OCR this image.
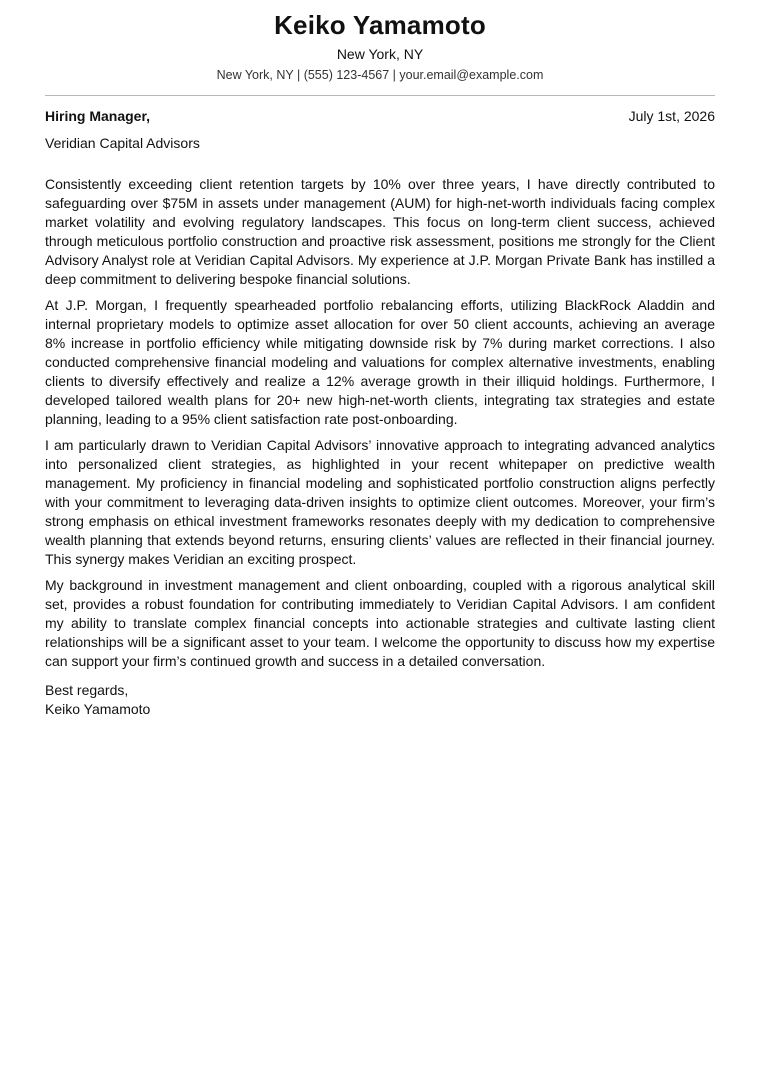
Keiko Yamamoto
New York, NY
New York, NY | (555) 123-4567 | your.email@example.com
Hiring Manager,	July 1st, 2026
Veridian Capital Advisors

Consistently exceeding client retention targets by 10% over three years, I have directly contributed to safeguarding over $75M in assets under management (AUM) for high-net-worth individuals facing complex market volatility and evolving regulatory landscapes. This focus on long-term client success, achieved through meticulous portfolio construction and proactive risk assessment, positions me strongly for the Client Advisory Analyst role at Veridian Capital Advisors. My experience at J.P. Morgan Private Bank has instilled a deep commitment to delivering bespoke financial solutions.

At J.P. Morgan, I frequently spearheaded portfolio rebalancing efforts, utilizing BlackRock Aladdin and internal proprietary models to optimize asset allocation for over 50 client accounts, achieving an average 8% increase in portfolio efficiency while mitigating downside risk by 7% during market corrections. I also conducted comprehensive financial modeling and valuations for complex alternative investments, enabling clients to diversify effectively and realize a 12% average growth in their illiquid holdings. Furthermore, I developed tailored wealth plans for 20+ new high-net-worth clients, integrating tax strategies and estate planning, leading to a 95% client satisfaction rate post-onboarding.

I am particularly drawn to Veridian Capital Advisors’ innovative approach to integrating advanced analytics into personalized client strategies, as highlighted in your recent whitepaper on predictive wealth management. My proficiency in financial modeling and sophisticated portfolio construction aligns perfectly with your commitment to leveraging data-driven insights to optimize client outcomes. Moreover, your firm’s strong emphasis on ethical investment frameworks resonates deeply with my dedication to comprehensive wealth planning that extends beyond returns, ensuring clients’ values are reflected in their financial journey. This synergy makes Veridian an exciting prospect.

My background in investment management and client onboarding, coupled with a rigorous analytical skill set, provides a robust foundation for contributing immediately to Veridian Capital Advisors. I am confident my ability to translate complex financial concepts into actionable strategies and cultivate lasting client relationships will be a significant asset to your team. I welcome the opportunity to discuss how my expertise can support your firm’s continued growth and success in a detailed conversation.

Best regards,
Keiko Yamamoto
